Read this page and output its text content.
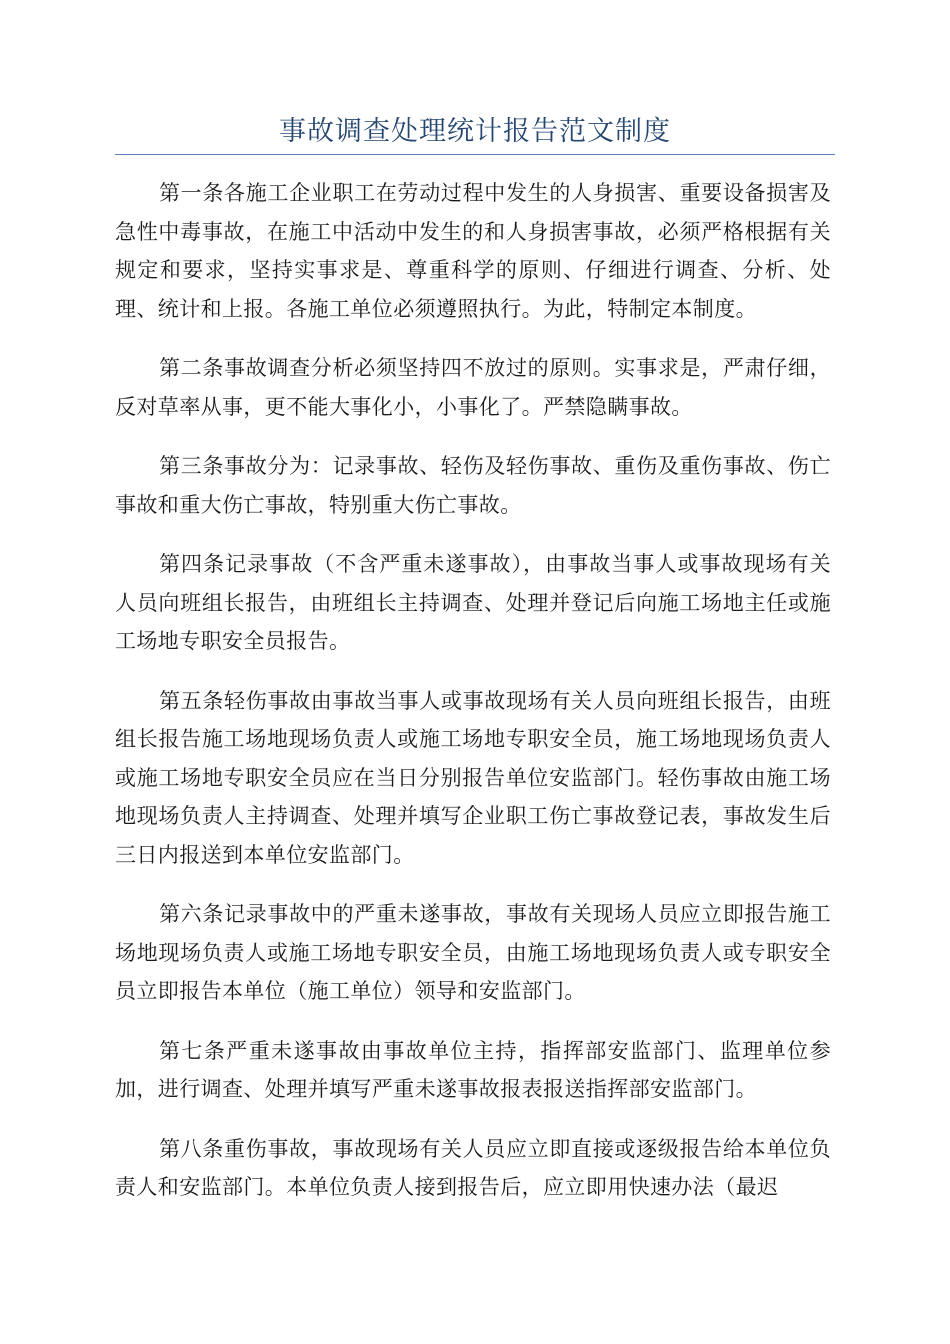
事故调查处理统计报告范文制度

第一条各施工企业职工在劳动过程中发生的人身损害、重要设备损害及急性中毒事故，在施工中活动中发生的和人身损害事故，必须严格根据有关规定和要求，坚持实事求是、尊重科学的原则、仔细进行调查、分析、处理、统计和上报。各施工单位必须遵照执行。为此，特制定本制度。

第二条事故调查分析必须坚持四不放过的原则。实事求是，严肃仔细，反对草率从事，更不能大事化小，小事化了。严禁隐瞒事故。

第三条事故分为：记录事故、轻伤及轻伤事故、重伤及重伤事故、伤亡事故和重大伤亡事故，特别重大伤亡事故。

第四条记录事故（不含严重未遂事故），由事故当事人或事故现场有关人员向班组长报告，由班组长主持调查、处理并登记后向施工场地主任或施工场地专职安全员报告。

第五条轻伤事故由事故当事人或事故现场有关人员向班组长报告，由班组长报告施工场地现场负责人或施工场地专职安全员，施工场地现场负责人或施工场地专职安全员应在当日分别报告单位安监部门。轻伤事故由施工场地现场负责人主持调查、处理并填写企业职工伤亡事故登记表，事故发生后三日内报送到本单位安监部门。

第六条记录事故中的严重未遂事故，事故有关现场人员应立即报告施工场地现场负责人或施工场地专职安全员，由施工场地现场负责人或专职安全员立即报告本单位（施工单位）领导和安监部门。

第七条严重未遂事故由事故单位主持，指挥部安监部门、监理单位参加，进行调查、处理并填写严重未遂事故报表报送指挥部安监部门。

第八条重伤事故，事故现场有关人员应立即直接或逐级报告给本单位负责人和安监部门。本单位负责人接到报告后，应立即用快速办法（最迟
